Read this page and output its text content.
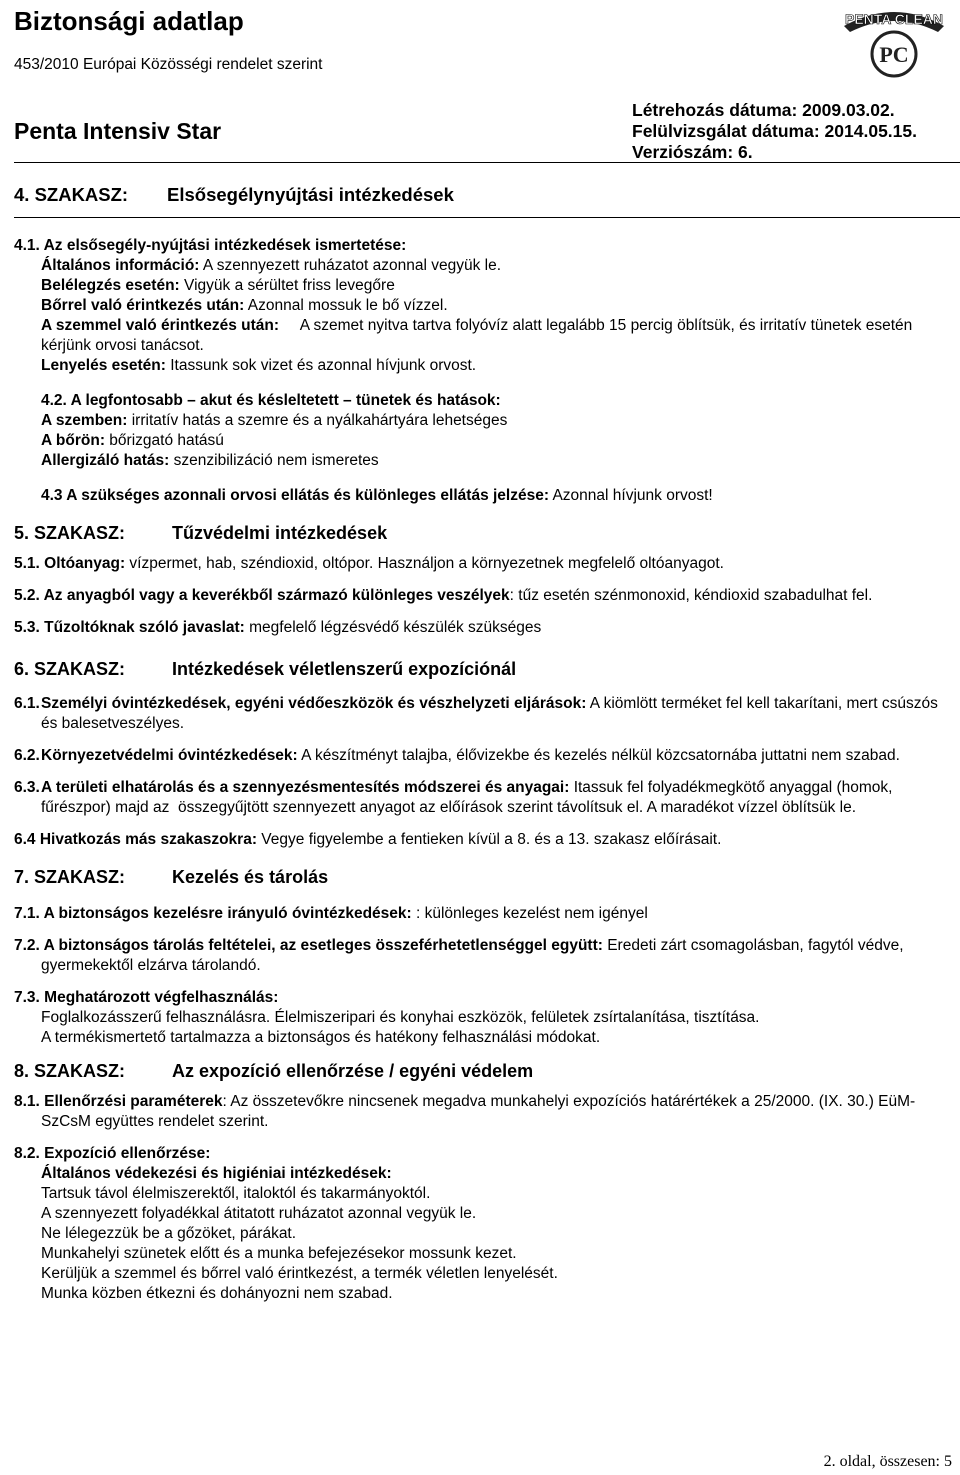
Biztonsági adatlap
453/2010 Európai Közösségi rendelet szerint
Penta Intensiv Star
Létrehozás dátuma: 2009.03.02.
Felülvizsgálat dátuma: 2014.05.15.
Verziószám: 6.
PENTA CLEAN
PC
4. SZAKASZ: Elsősegélynyújtási intézkedések
4.1. Az elsősegély-nyújtási intézkedések ismertetése:
Általános információ: A szennyezett ruházatot azonnal vegyük le.
Belélegzés esetén: Vigyük a sérültet friss levegőre
Bőrrel való érintkezés után: Azonnal mossuk le bő vízzel.
A szemmel való érintkezés után:     A szemet nyitva tartva folyóvíz alatt legalább 15 percig öblítsük, és irritatív tünetek esetén kérjünk orvosi tanácsot.
Lenyelés esetén: Itassunk sok vizet és azonnal hívjunk orvost.
4.2. A legfontosabb – akut és késleltetett – tünetek és hatások:
A szemben: irritatív hatás a szemre és a nyálkahártyára lehetséges
A bőrön: bőrizgató hatású
Allergizáló hatás: szenzibilizáció nem ismeretes
4.3 A szükséges azonnali orvosi ellátás és különleges ellátás jelzése: Azonnal hívjunk orvost!
5. SZAKASZ:	Tűzvédelmi intézkedések
5.1. Oltóanyag: vízpermet, hab, széndioxid, oltópor. Használjon a környezetnek megfelelő oltóanyagot.
5.2. Az anyagból vagy a keverékből származó különleges veszélyek: tűz esetén szénmonoxid, kéndioxid szabadulhat fel.
5.3. Tűzoltóknak szóló javaslat: megfelelő légzésvédő készülék szükséges
6. SZAKASZ:	Intézkedések véletlenszerű expozíciónál
6.1. Személyi óvintézkedések, egyéni védőeszközök és vészhelyzeti eljárások: A kiömlött terméket fel kell takarítani, mert csúszós és balesetveszélyes.
6.2. Környezetvédelmi óvintézkedések: A készítményt talajba, élővizekbe és kezelés nélkül közcsatornába juttatni nem szabad.
6.3. A területi elhatárolás és a szennyezésmentesítés módszerei és anyagai: Itassuk fel folyadékmegkötő anyaggal (homok, fűrészpor) majd az  összegyűjtött szennyezett anyagot az előírások szerint távolítsuk el. A maradékot vízzel öblítsük le.
6.4 Hivatkozás más szakaszokra: Vegye figyelembe a fentieken kívül a 8. és a 13. szakasz előírásait.
7. SZAKASZ:	Kezelés és tárolás
7.1. A biztonságos kezelésre irányuló óvintézkedések: : különleges kezelést nem igényel
7.2. A biztonságos tárolás feltételei, az esetleges összeférhetetlenséggel együtt: Eredeti zárt csomagolásban, fagytól védve, gyermekektől elzárva tárolandó.
7.3. Meghatározott végfelhasználás:
Foglalkozásszerű felhasználásra. Élelmiszeripari és konyhai eszközök, felületek zsírtalanítása, tisztítása.
A termékismertető tartalmazza a biztonságos és hatékony felhasználási módokat.
8. SZAKASZ:	Az expozíció ellenőrzése / egyéni védelem
8.1. Ellenőrzési paraméterek: Az összetevőkre nincsenek megadva munkahelyi expozíciós határértékek a 25/2000. (IX. 30.) EüM-SzCsM együttes rendelet szerint.
8.2. Expozíció ellenőrzése:
Általános védekezési és higiéniai intézkedések:
Tartsuk távol élelmiszerektől, italoktól és takarmányoktól.
A szennyezett folyadékkal átitatott ruházatot azonnal vegyük le.
Ne lélegezzük be a gőzöket, párákat.
Munkahelyi szünetek előtt és a munka befejezésekor mossunk kezet.
Kerüljük a szemmel és bőrrel való érintkezést, a termék véletlen lenyelését.
Munka közben étkezni és dohányozni nem szabad.
2. oldal, összesen: 5
